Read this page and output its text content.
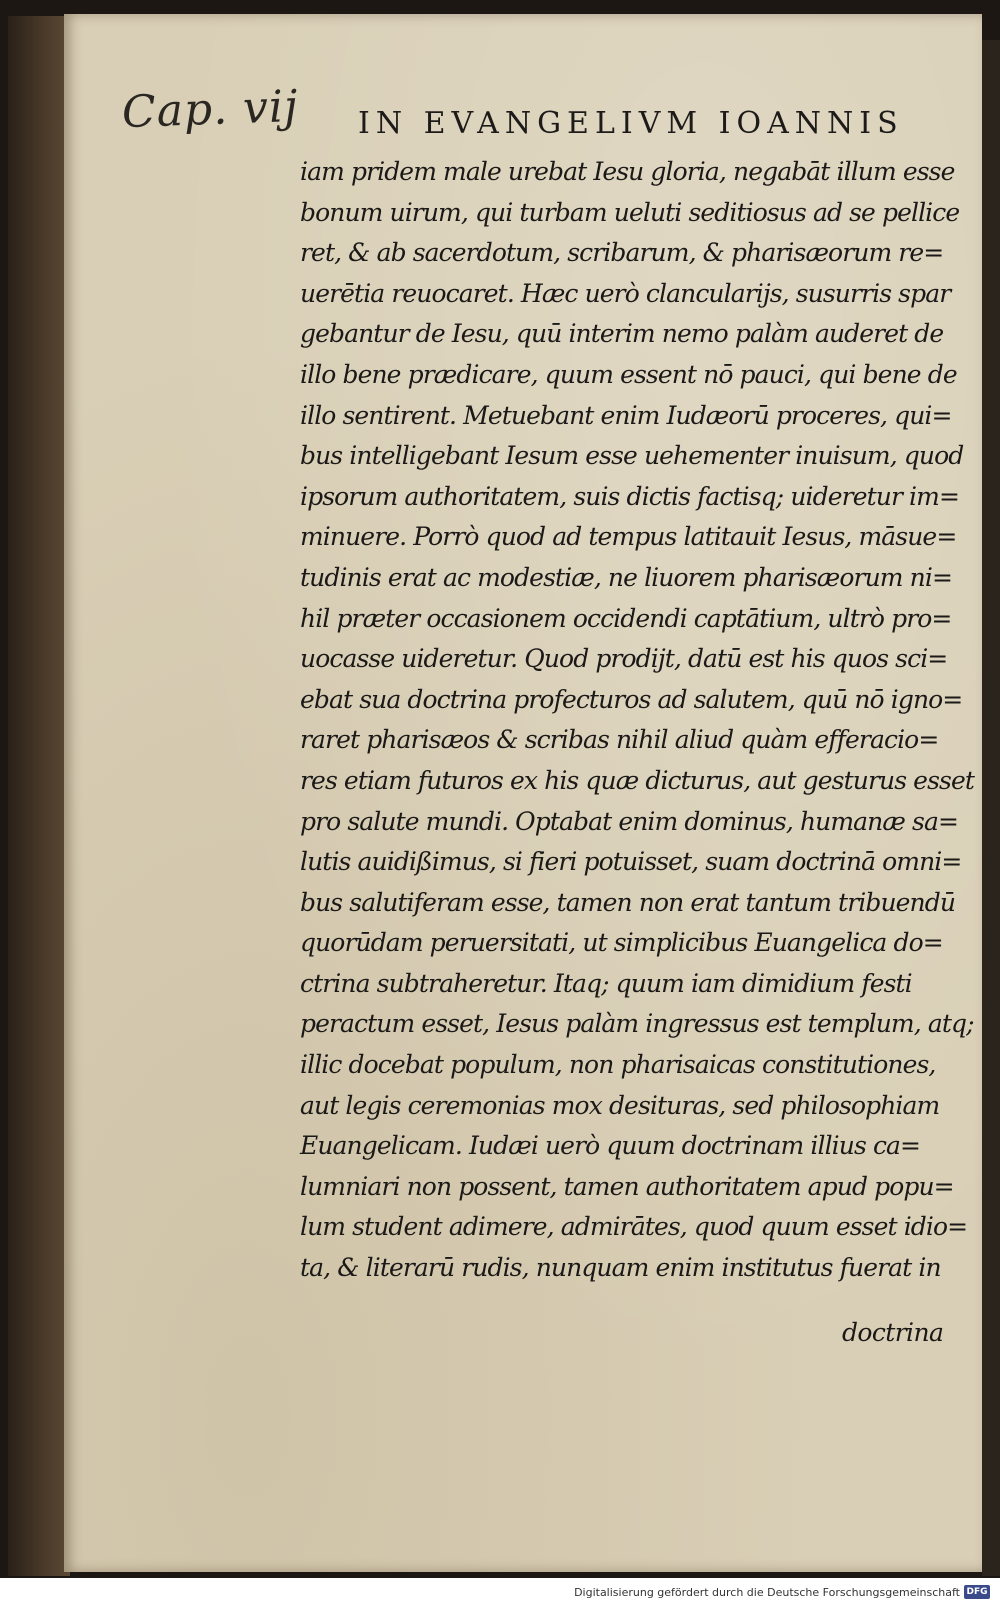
Cap. vij IN EVANGELIVM IOANNIS
iam pridem male urebat Iesu gloria, negabāt illum esse
bonum uirum, qui turbam ueluti seditiosus ad se pellice
ret, & ab sacerdotum, scribarum, & pharisæorum re=
uerētia reuocaret. Hæc uerò clancularijs, susurris spar
gebantur de Iesu, quū interim nemo palàm auderet de
illo bene prædicare, quum essent nō pauci, qui bene de
illo sentirent. Metuebant enim Iudæorū proceres, qui=
bus intelligebant Iesum esse uehementer inuisum, quod
ipsorum authoritatem, suis dictis factisq; uideretur im=
minuere. Porrò quod ad tempus latitauit Iesus, māsue=
tudinis erat ac modestiæ, ne liuorem pharisæorum ni=
hil præter occasionem occidendi captātium, ultrò pro=
uocasse uideretur. Quod prodijt, datū est his quos sci=
ebat sua doctrina profecturos ad salutem, quū nō igno=
raret pharisæos & scribas nihil aliud quàm efferacio=
res etiam futuros ex his quæ dicturus, aut gesturus esset
pro salute mundi. Optabat enim dominus, humanæ sa=
lutis auidißimus, si fieri potuisset, suam doctrinā omni=
bus salutiferam esse, tamen non erat tantum tribuendū
quorūdam peruersitati, ut simplicibus Euangelica do=
ctrina subtraheretur. Itaq; quum iam dimidium festi
peractum esset, Iesus palàm ingressus est templum, atq;
illic docebat populum, non pharisaicas constitutiones,
aut legis ceremonias mox desituras, sed philosophiam
Euangelicam. Iudæi uerò quum doctrinam illius ca=
lumniari non possent, tamen authoritatem apud popu=
lum student adimere, admirātes, quod quum esset idio=
ta, & literarū rudis, nunquam enim institutus fuerat in
doctrina
Digitalisierung gefördert durch die Deutsche Forschungsgemeinschaft DFG
